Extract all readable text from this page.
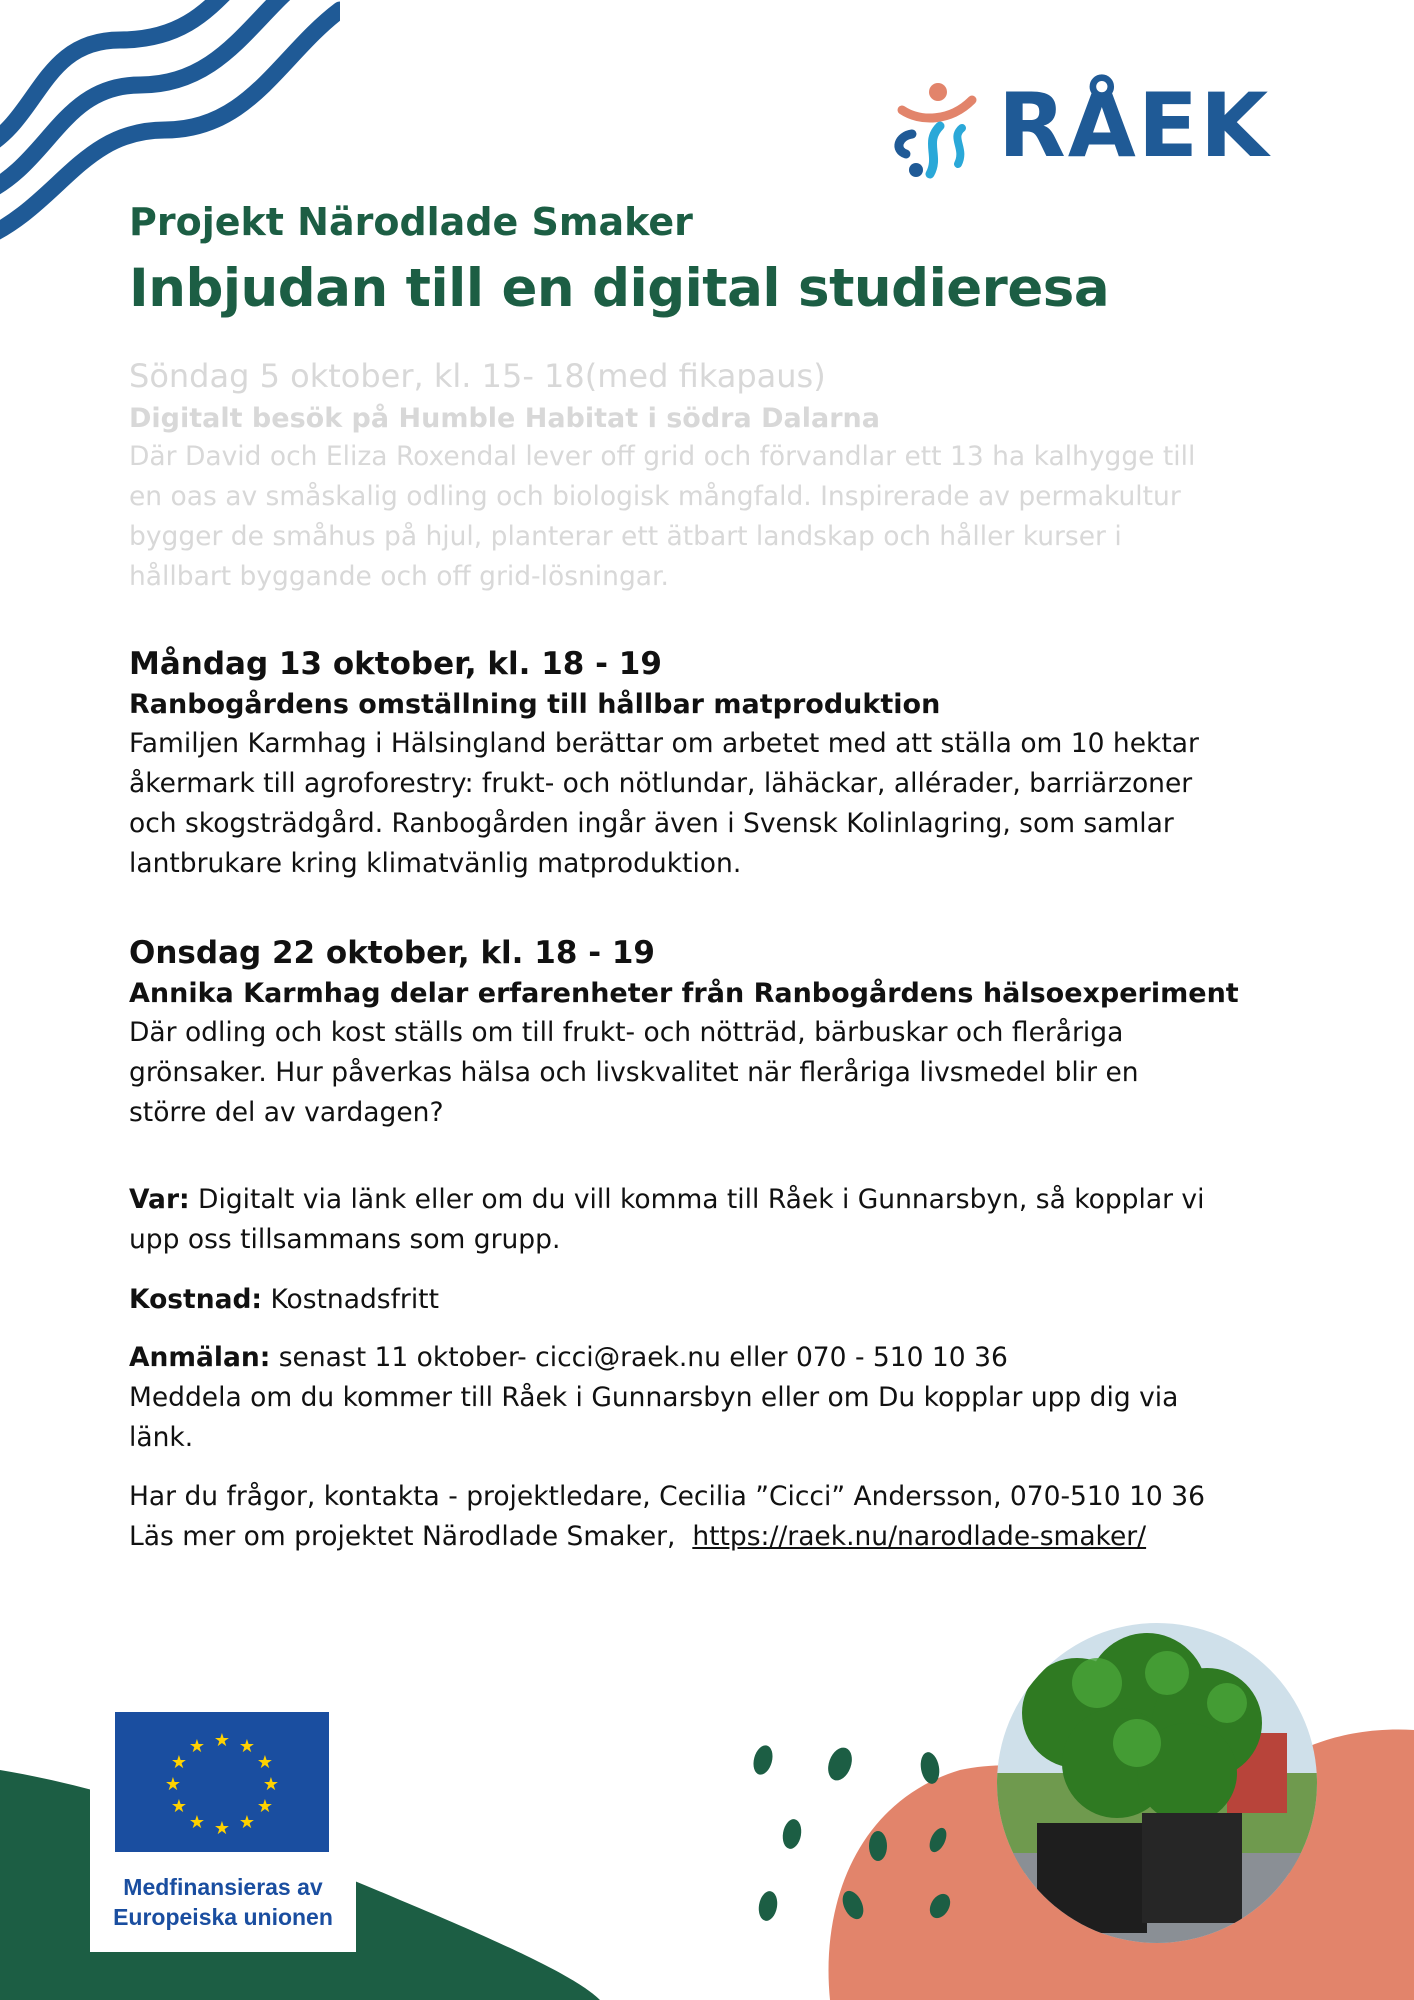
RÅEK
Projekt Närodlade Smaker
Inbjudan till en digital studieresa

Söndag 5 oktober, kl. 15- 18(med fikapaus)

Digitalt besök på Humble Habitat i södra Dalarna

Där David och Eliza Roxendal lever off grid och förvandlar ett 13 ha kalhygge till
en oas av småskalig odling och biologisk mångfald. Inspirerade av permakultur
bygger de småhus på hjul, planterar ett ätbart landskap och håller kurser i
hållbart byggande och off grid-lösningar.

Måndag 13 oktober, kl. 18 - 19

Ranbogårdens omställning till hållbar matproduktion

Familjen Karmhag i Hälsingland berättar om arbetet med att ställa om 10 hektar
åkermark till agroforestry: frukt- och nötlundar, lähäckar, allérader, barriärzoner
och skogsträdgård. Ranbogården ingår även i Svensk Kolinlagring, som samlar
lantbrukare kring klimatvänlig matproduktion.

Onsdag 22 oktober, kl. 18 - 19

Annika Karmhag delar erfarenheter från Ranbogårdens hälsoexperiment

Där odling och kost ställs om till frukt- och nötträd, bärbuskar och fleråriga
grönsaker. Hur påverkas hälsa och livskvalitet när fleråriga livsmedel blir en
större del av vardagen?

Var: Digitalt via länk eller om du vill komma till Råek i Gunnarsbyn, så kopplar vi
upp oss tillsammans som grupp.

Kostnad: Kostnadsfritt

Anmälan: senast 11 oktober- cicci@raek.nu eller 070 - 510 10 36
Meddela om du kommer till Råek i Gunnarsbyn eller om Du kopplar upp dig via
länk.

Har du frågor, kontakta - projektledare, Cecilia ”Cicci” Andersson, 070-510 10 36
Läs mer om projektet Närodlade Smaker, https://raek.nu/narodlade-smaker/

★ ★
★
★
★
★
★
★
★
★
★
★
Medfinansieras av
Europeiska unionen
